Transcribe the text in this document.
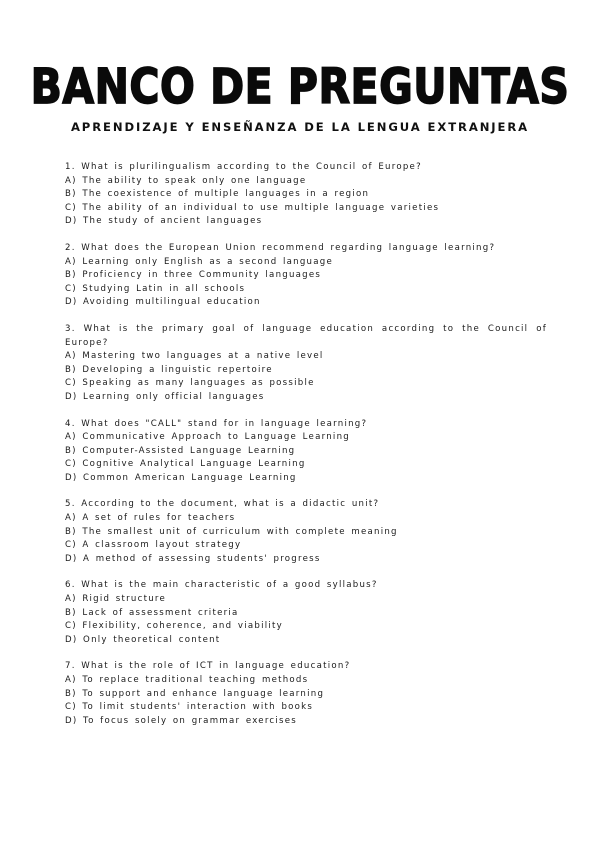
BANCO DE PREGUNTAS
APRENDIZAJE Y ENSEÑANZA DE LA LENGUA EXTRANJERA
1. What is plurilingualism according to the Council of Europe?
A) The ability to speak only one language
B) The coexistence of multiple languages in a region
C) The ability of an individual to use multiple language varieties
D) The study of ancient languages
2. What does the European Union recommend regarding language learning?
A) Learning only English as a second language
B) Proficiency in three Community languages
C) Studying Latin in all schools
D) Avoiding multilingual education
3. What is the primary goal of language education according to the Council of Europe?
A) Mastering two languages at a native level
B) Developing a linguistic repertoire
C) Speaking as many languages as possible
D) Learning only official languages
4. What does "CALL" stand for in language learning?
A) Communicative Approach to Language Learning
B) Computer-Assisted Language Learning
C) Cognitive Analytical Language Learning
D) Common American Language Learning
5. According to the document, what is a didactic unit?
A) A set of rules for teachers
B) The smallest unit of curriculum with complete meaning
C) A classroom layout strategy
D) A method of assessing students' progress
6. What is the main characteristic of a good syllabus?
A) Rigid structure
B) Lack of assessment criteria
C) Flexibility, coherence, and viability
D) Only theoretical content
7. What is the role of ICT in language education?
A) To replace traditional teaching methods
B) To support and enhance language learning
C) To limit students' interaction with books
D) To focus solely on grammar exercises
